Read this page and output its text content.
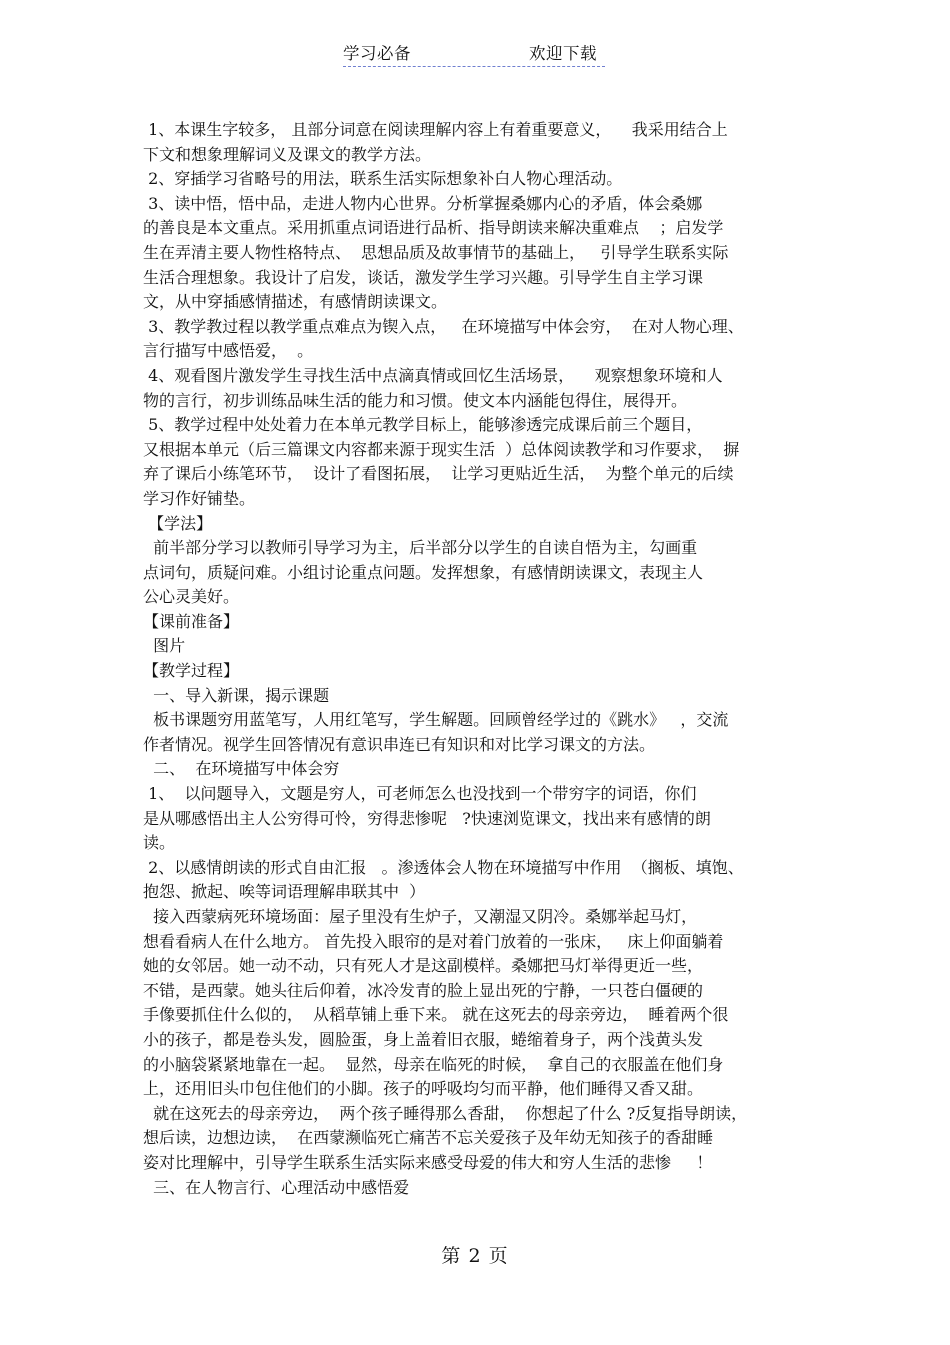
学习必备	欢迎下载
1、本课生字较多， 且部分词意在阅读理解内容上有着重要意义，    我采用结合上
下文和想象理解词义及课文的教学方法。
2、穿插学习省略号的用法，联系生活实际想象补白人物心理活动。
3、读中悟，悟中品，走进人物内心世界。分析掌握桑娜内心的矛盾，体会桑娜
的善良是本文重点。采用抓重点词语进行品析、指导朗读来解决重难点    ；启发学
生在弄清主要人物性格特点、  思想品质及故事情节的基础上，   引导学生联系实际
生活合理想象。我设计了启发，谈话，激发学生学习兴趣。引导学生自主学习课
文，从中穿插感情描述，有感情朗读课文。
3、教学教过程以教学重点难点为锲入点，   在环境描写中体会穷，  在对人物心理、
言行描写中感悟爱，  。
4、观看图片激发学生寻找生活中点滴真情或回忆生活场景，    观察想象环境和人
物的言行，初步训练品味生活的能力和习惯。使文本内涵能包得住，展得开。
5、教学过程中处处着力在本单元教学目标上，能够渗透完成课后前三个题目，
又根据本单元（后三篇课文内容都来源于现实生活  ）总体阅读教学和习作要求，  摒
弃了课后小练笔环节，  设计了看图拓展，  让学习更贴近生活，  为整个单元的后续
学习作好铺垫。
【学法】
前半部分学习以教师引导学习为主，后半部分以学生的自读自悟为主，勾画重
点词句，质疑问难。小组讨论重点问题。发挥想象，有感情朗读课文，表现主人
公心灵美好。
【课前准备】
图片
【教学过程】
一、导入新课，揭示课题
板书课题穷用蓝笔写，人用红笔写，学生解题。回顾曾经学过的《跳水》   ，交流
作者情况。视学生回答情况有意识串连已有知识和对比学习课文的方法。
二、  在环境描写中体会穷
1、  以问题导入，文题是穷人，可老师怎么也没找到一个带穷字的词语，你们
是从哪感悟出主人公穷得可怜，穷得悲惨呢   ?快速浏览课文，找出来有感情的朗
读。
2、以感情朗读的形式自由汇报   。渗透体会人物在环境描写中作用  （搁板、填饱、
抱怨、掀起、唉等词语理解串联其中  ）
接入西蒙病死环境场面：屋子里没有生炉子，又潮湿又阴冷。桑娜举起马灯，
想看看病人在什么地方。 首先投入眼帘的是对着门放着的一张床，   床上仰面躺着
她的女邻居。她一动不动，只有死人才是这副模样。桑娜把马灯举得更近一些，
不错，是西蒙。她头往后仰着，冰冷发青的脸上显出死的宁静，一只苍白僵硬的
手像要抓住什么似的，  从稻草铺上垂下来。 就在这死去的母亲旁边，  睡着两个很
小的孩子，都是卷头发，圆脸蛋，身上盖着旧衣服，蜷缩着身子，两个浅黄头发
的小脑袋紧紧地靠在一起。  显然，母亲在临死的时候，  拿自己的衣服盖在他们身
上，还用旧头巾包住他们的小脚。孩子的呼吸均匀而平静，他们睡得又香又甜。
就在这死去的母亲旁边，  两个孩子睡得那么香甜，  你想起了什么 ?反复指导朗读，
想后读，边想边读，  在西蒙濒临死亡痛苦不忘关爱孩子及年幼无知孩子的香甜睡
姿对比理解中，引导学生联系生活实际来感受母爱的伟大和穷人生活的悲惨     ！
三、在人物言行、心理活动中感悟爱
第 2 页
